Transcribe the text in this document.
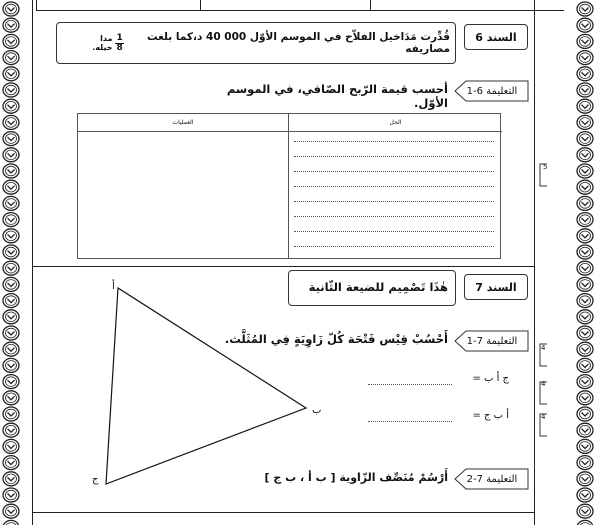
قُدِّرت مَدَاخيل الفلاّح في الموسم الأوّل 000 40 د،كما بلغت مصاريفه
$\frac{1}{8}$
مدا خيله.
السند 6
التعليمة 6-1
أحسب قيمة الرّبح الصّافي، في الموسم الأوّل.
الحل
العمليات
5
هٰذَا تَصْمِيم للضيعة الثّانية	السند 7
أ
ب
ج
التعليمة 7-1
أَحْسُبْ قِيْس فَتْحَة كُلّ زَاوِيَةٍ فِي المُثَلَّث.
ج أ ب =
أ ب ج =
4
4
4
التعليمة 7-2
أَرْسُمْ مُنَصِّف الزّاوية [ ب أ ، ب ج ]
